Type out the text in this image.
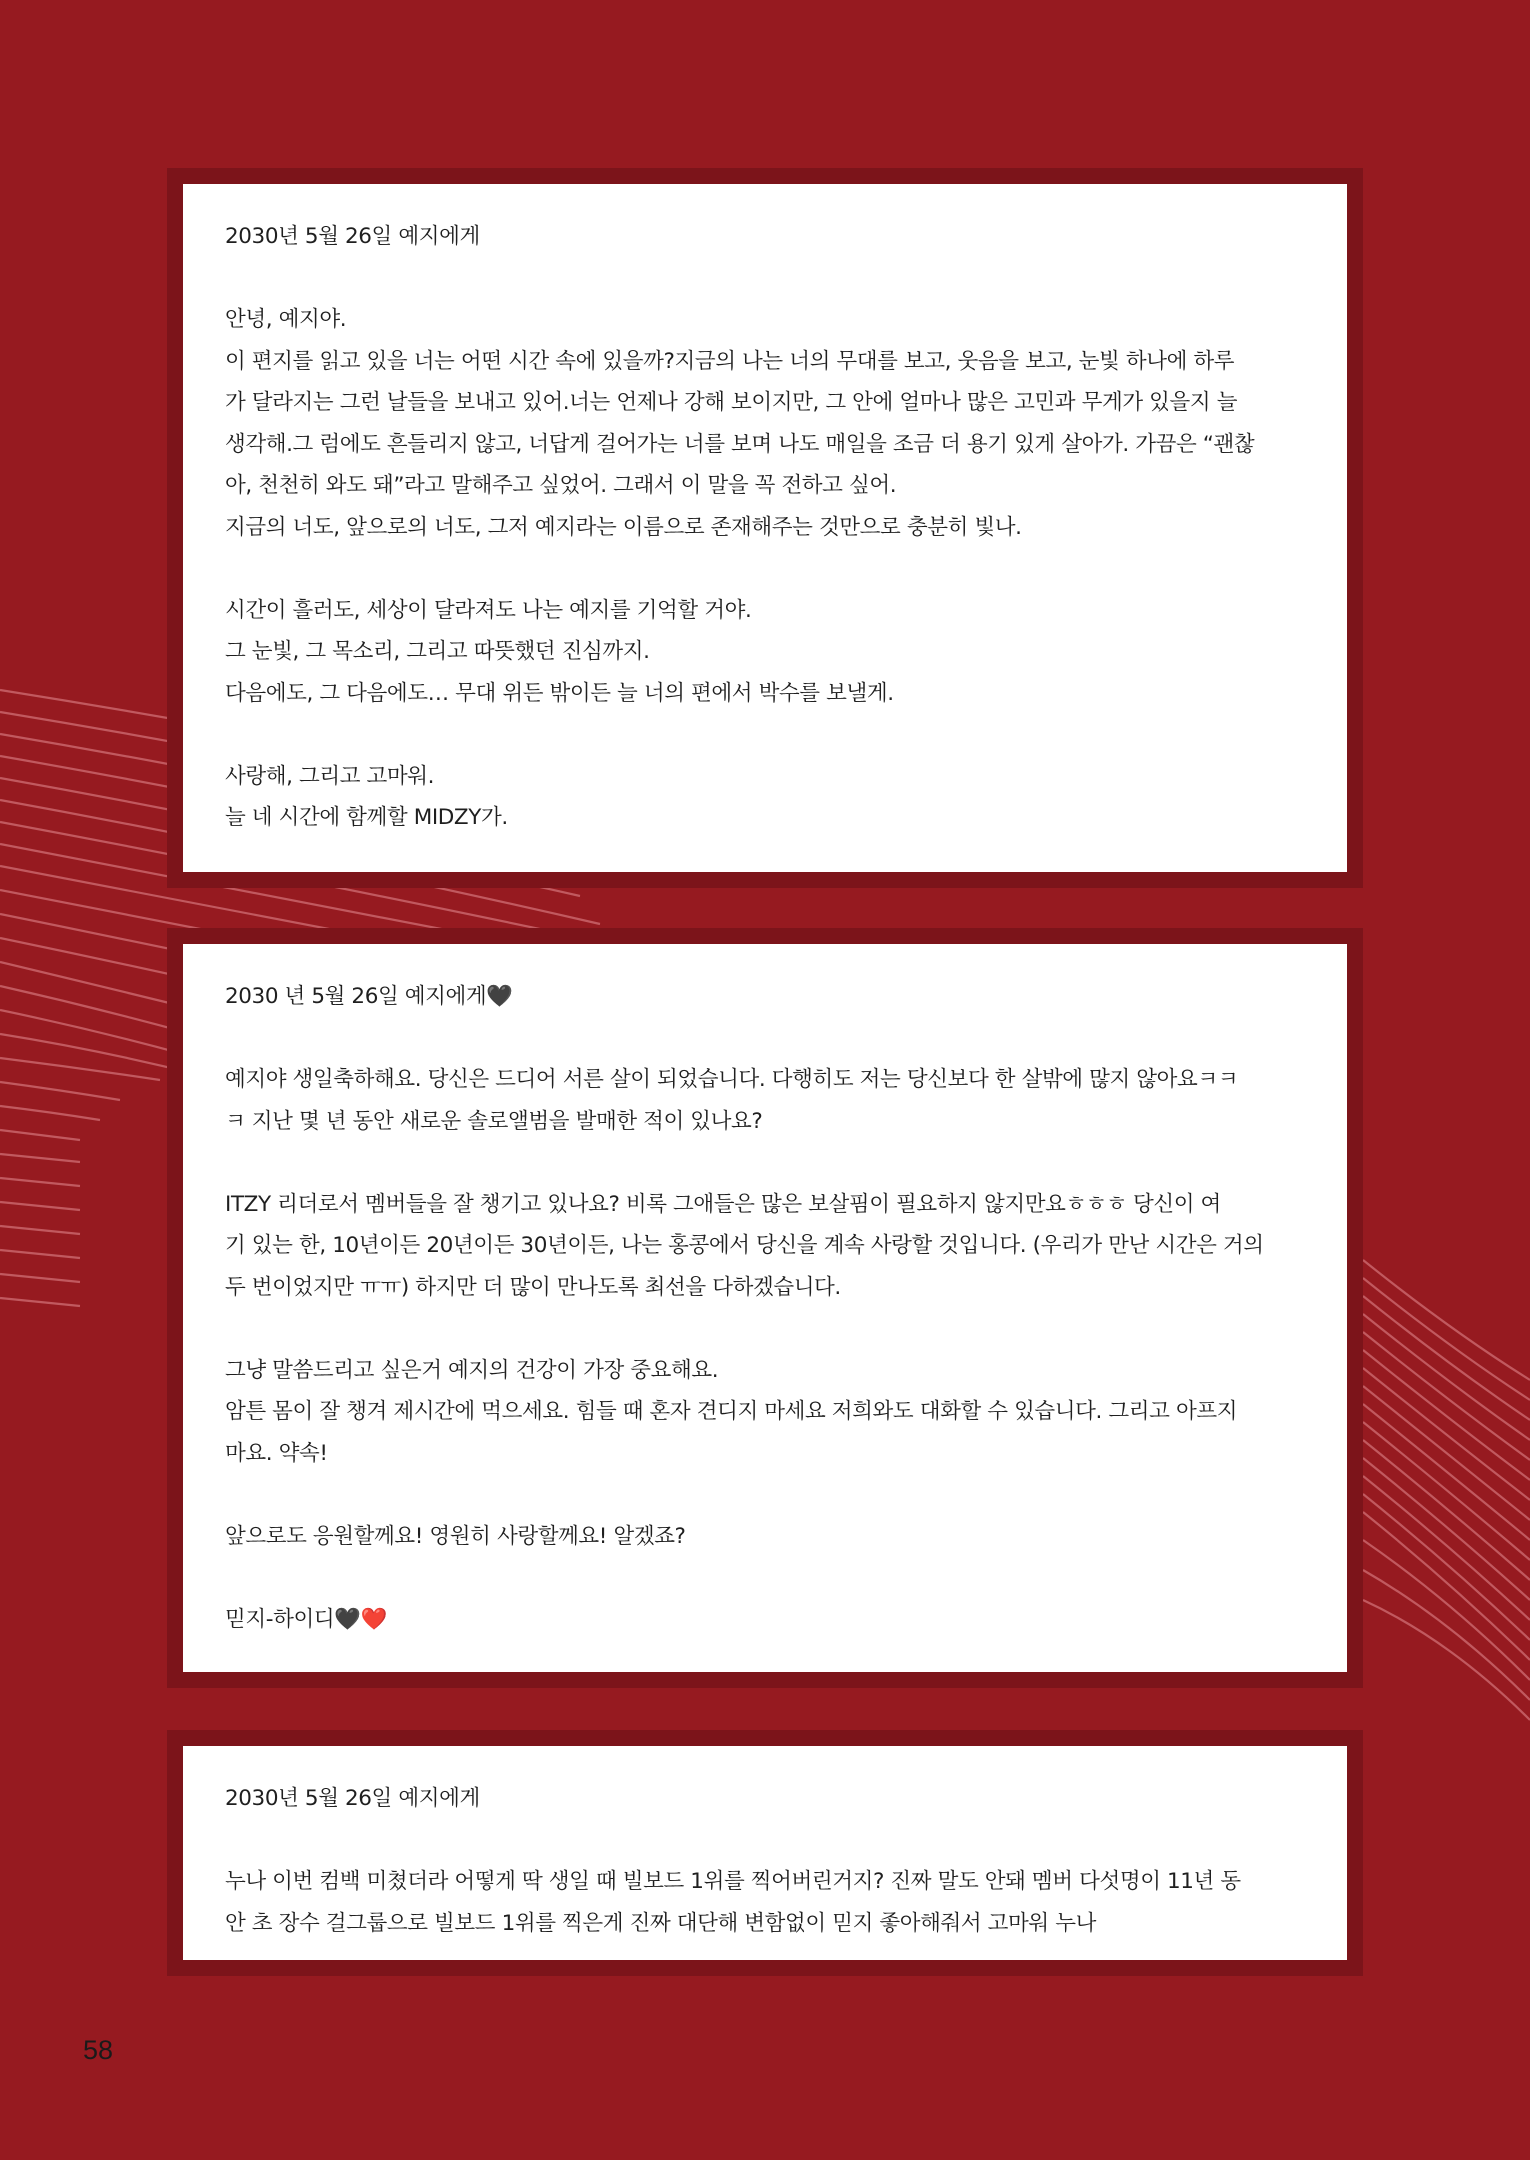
2030년 5월 26일 예지에게

안녕, 예지야.

이 편지를 읽고 있을 너는 어떤 시간 속에 있을까?지금의 나는 너의 무대를 보고, 웃음을 보고, 눈빛 하나에 하루

가 달라지는 그런 날들을 보내고 있어.너는 언제나 강해 보이지만, 그 안에 얼마나 많은 고민과 무게가 있을지 늘

생각해.그 럼에도 흔들리지 않고, 너답게 걸어가는 너를 보며 나도 매일을 조금 더 용기 있게 살아가. 가끔은 “괜찮

아, 천천히 와도 돼”라고 말해주고 싶었어. 그래서 이 말을 꼭 전하고 싶어.

지금의 너도, 앞으로의 너도, 그저 예지라는 이름으로 존재해주는 것만으로 충분히 빛나.

시간이 흘러도, 세상이 달라져도 나는 예지를 기억할 거야.

그 눈빛, 그 목소리, 그리고 따뜻했던 진심까지.

다음에도, 그 다음에도… 무대 위든 밖이든 늘 너의 편에서 박수를 보낼게.

사랑해, 그리고 고마워.

늘 네 시간에 함께할 MIDZY가.

2030 년 5월 26일 예지에게🖤

예지야 생일축하해요. 당신은 드디어 서른 살이 되었습니다. 다행히도 저는 당신보다 한 살밖에 많지 않아요ㅋㅋ

ㅋ 지난 몇 년 동안 새로운 솔로앨범을 발매한 적이 있나요?

ITZY 리더로서 멤버들을 잘 챙기고 있나요? 비록 그애들은 많은 보살핌이 필요하지 않지만요ㅎㅎㅎ 당신이 여

기 있는 한, 10년이든 20년이든 30년이든, 나는 홍콩에서 당신을 계속 사랑할 것입니다. (우리가 만난 시간은 거의

두 번이었지만 ㅠㅠ) 하지만 더 많이 만나도록 최선을 다하겠습니다.

그냥 말씀드리고 싶은거 예지의 건강이 가장 중요해요.

암튼 몸이 잘 챙겨 제시간에 먹으세요. 힘들 때 혼자 견디지 마세요 저희와도 대화할 수 있습니다. 그리고 아프지

마요. 약속!

앞으로도 응원할께요! 영원히 사랑할께요! 알겠죠?

믿지-하이디🖤❤️

2030년 5월 26일 예지에게

누나 이번 컴백 미쳤더라 어떻게 딱 생일 때 빌보드 1위를 찍어버린거지? 진짜 말도 안돼 멤버 다섯명이 11년 동

안 초 장수 걸그룹으로 빌보드 1위를 찍은게 진짜 대단해 변함없이 믿지 좋아해줘서 고마워 누나

58
